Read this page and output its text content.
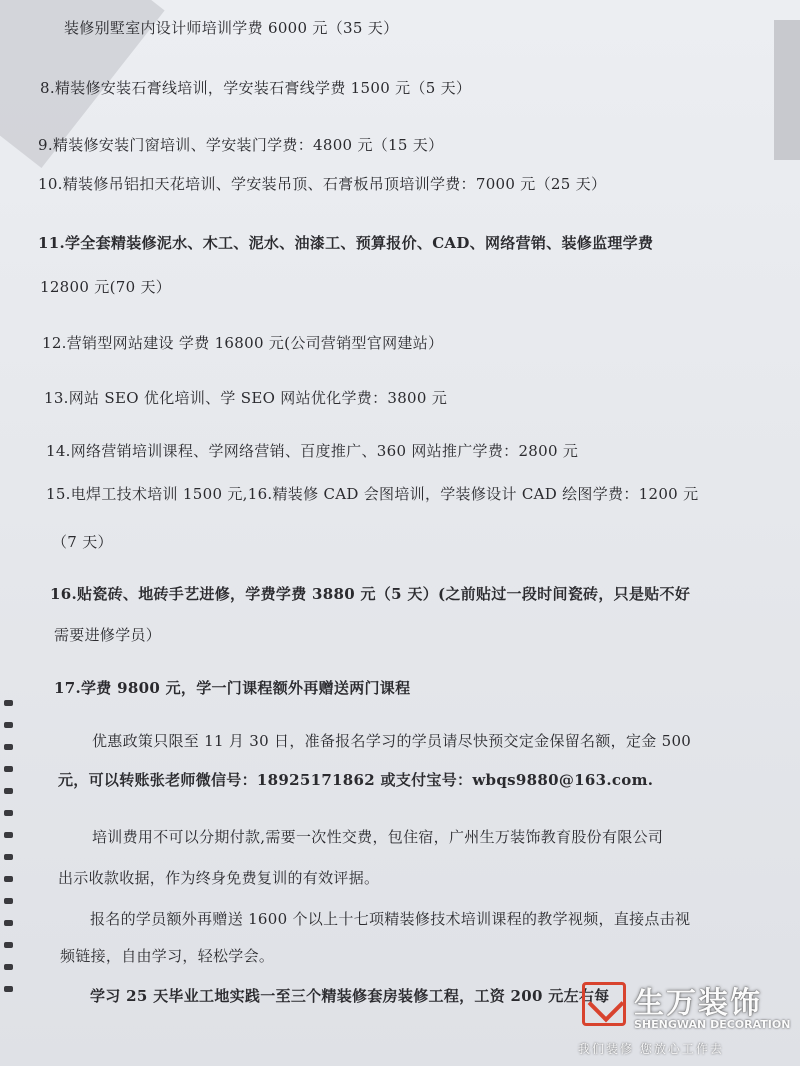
装修别墅室内设计师培训学费 6000 元（35 天）
8.精装修安装石膏线培训，学安装石膏线学费 1500 元（5 天）
9.精装修安装门窗培训、学安装门学费：4800 元（15 天）
10.精装修吊铝扣天花培训、学安装吊顶、石膏板吊顶培训学费：7000 元（25 天）
11.学全套精装修泥水、木工、泥水、油漆工、预算报价、CAD、网络营销、装修监理学费
12800 元(70 天）
12.营销型网站建设 学费 16800 元(公司营销型官网建站）
13.网站 SEO 优化培训、学 SEO 网站优化学费：3800 元
14.网络营销培训课程、学网络营销、百度推广、360 网站推广学费：2800 元
15.电焊工技术培训 1500 元,16.精装修 CAD 会图培训，学装修设计 CAD 绘图学费：1200 元
（7 天）
16.贴瓷砖、地砖手艺进修，学费学费 3880 元（5 天）(之前贴过一段时间瓷砖，只是贴不好
需要进修学员）
17.学费 9800 元，学一门课程额外再赠送两门课程
优惠政策只限至 11 月 30 日，准备报名学习的学员请尽快预交定金保留名额，定金 500
元，可以转账张老师微信号：18925171862 或支付宝号：wbqs9880@163.com.
培训费用不可以分期付款,需要一次性交费，包住宿，广州生万装饰教育股份有限公司
出示收款收据，作为终身免费复训的有效评据。
报名的学员额外再赠送 1600 个以上十七项精装修技术培训课程的教学视频，直接点击视
频链接，自由学习，轻松学会。
学习 25 天毕业工地实践一至三个精装修套房装修工程，工资 200 元左右每 生万装饰
SHENGWAN DECORATION
我们装修 您放心工作去
